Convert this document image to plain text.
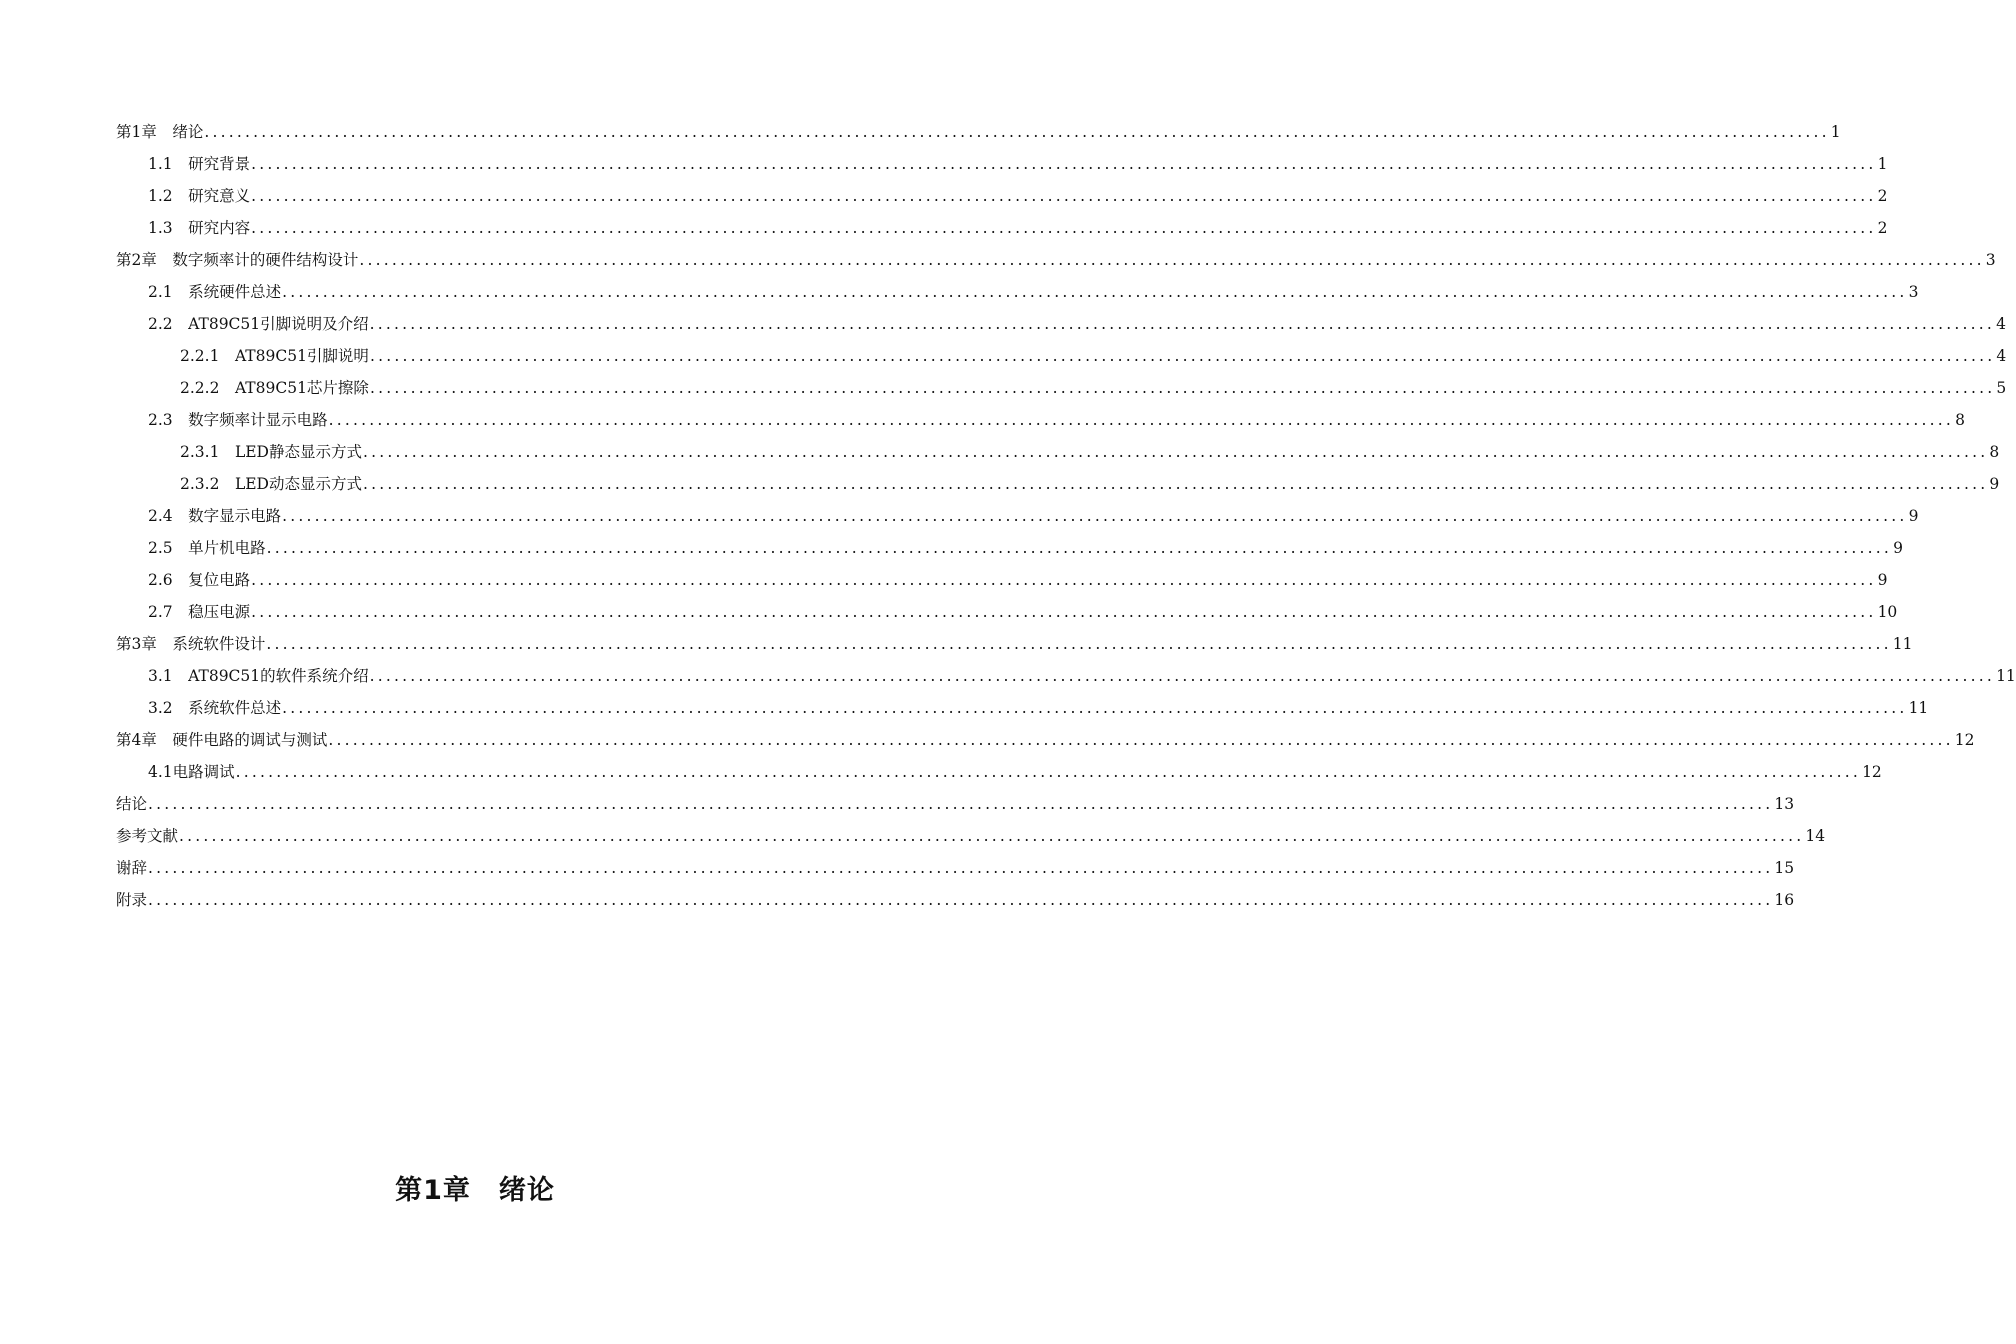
第1章　绪论 ........................................................................................................................................................................................................ 1
1.1　研究背景 ........................................................................................................................................................................................................ 1
1.2　研究意义 ........................................................................................................................................................................................................ 2
1.3　研究内容 ........................................................................................................................................................................................................ 2
第2章　数字频率计的硬件结构设计 ........................................................................................................................................................................................................ 3
2.1　系统硬件总述 ........................................................................................................................................................................................................ 3
2.2　AT89C51引脚说明及介绍 ........................................................................................................................................................................................................ 4
2.2.1　AT89C51引脚说明 ........................................................................................................................................................................................................ 4
2.2.2　AT89C51芯片擦除 ........................................................................................................................................................................................................ 5
2.3　数字频率计显示电路 ........................................................................................................................................................................................................ 8
2.3.1　LED静态显示方式 ........................................................................................................................................................................................................ 8
2.3.2　LED动态显示方式 ........................................................................................................................................................................................................ 9
2.4　数字显示电路 ........................................................................................................................................................................................................ 9
2.5　单片机电路 ........................................................................................................................................................................................................ 9
2.6　复位电路 ........................................................................................................................................................................................................ 9
2.7　稳压电源 ........................................................................................................................................................................................................ 10
第3章　系统软件设计 ........................................................................................................................................................................................................ 11
3.1　AT89C51的软件系统介绍 ........................................................................................................................................................................................................ 11
3.2　系统软件总述 ........................................................................................................................................................................................................ 11
第4章　硬件电路的调试与测试 ........................................................................................................................................................................................................ 12
4.1电路调试 ........................................................................................................................................................................................................ 12
结论 ........................................................................................................................................................................................................ 13
参考文献 ........................................................................................................................................................................................................ 14
谢辞 ........................................................................................................................................................................................................ 15
附录 ........................................................................................................................................................................................................ 16
第1章　绪论
